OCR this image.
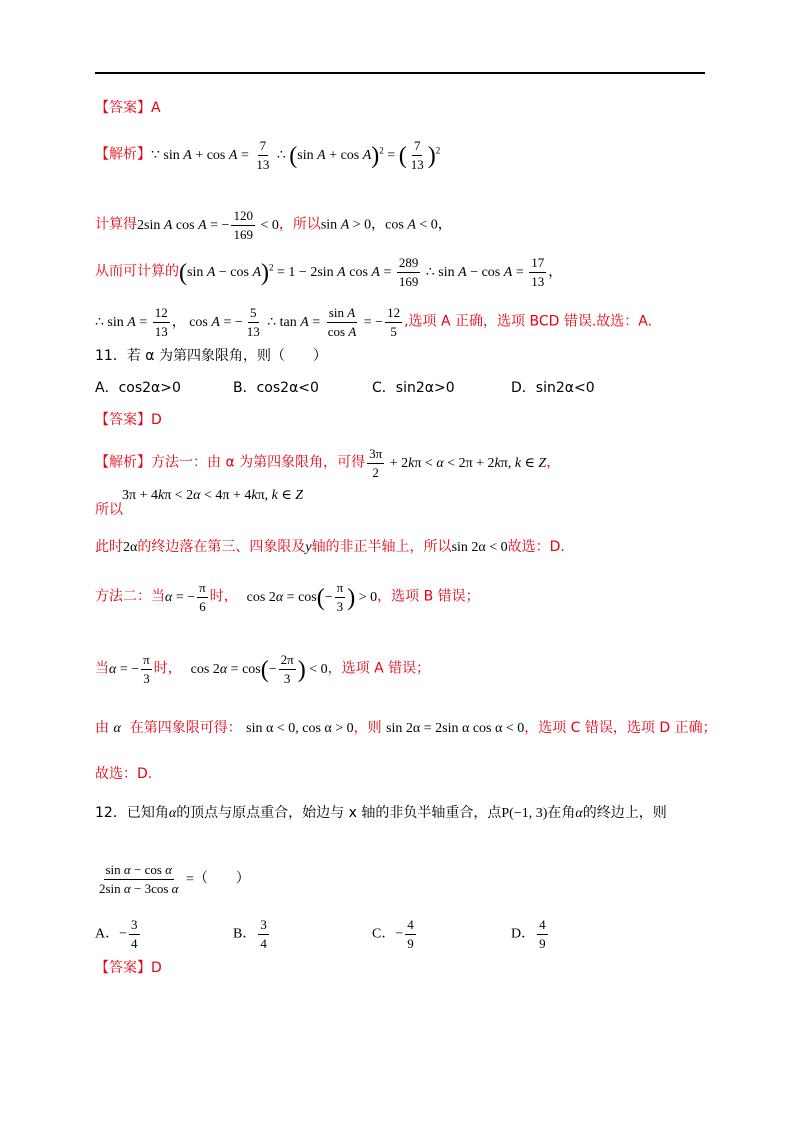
【答案】A
【解析】∵ $\sin A + \cos A = \frac{7}{13}$ ∴ (sin A + cos A)$^2$ = ( $\frac{7}{13} )^2$
计算得2sin A cos A = − $\frac{120}{169} < 0$，所以sin A > 0，cos A < 0，
从而可计算的(sin A − cos A)$^2$ = 1 − 2sin A $\cos A = \frac{289}{169}$ ∴ $\sin A - \cos A = \frac{17}{13}$ ，
∴ $\sin A = \frac{12}{13}$ ， cos A = − $\frac{5}{13}$ ∴ $\tan A = \frac{\text{sin A}}{\text{cos A}}$ = − $\frac{12}{5}$ ,选项 A 正确，选项 BCD 错误.故选：A.
11．若 α 为第四象限角，则（　　）
A．cos2α>0	B．cos2α<0	C．sin2α>0	D．sin2α<0
【答案】D
【解析】方法一：由 α 为第四象限角，可得 $\frac{3\pi}{2} + 2k\pi < \alpha < 2\pi + 2k\pi$, k ∈ Z，
3π + 4kπ < 2α < 4π + 4kπ, k ∈ Z
所以
此时2α的终边落在第三、四象限及y轴的非正半轴上，所以sin 2α < 0故选：D.
方法二：当α = − $\frac{\pi}{6}$ 时， $\cos 2\alpha = \cos(- \frac{\pi}{3}$ ) > 0，选项 B 错误；
当α = − $\frac{\pi}{3}$ 时， $\cos 2\alpha = \cos(- \frac{2\pi}{3}$ ) < 0，选项 A 错误；
由 α 在第四象限可得： sin α < 0, cos α > 0，则 sin 2α = 2sin α cos α < 0，选项 C 错误，选项 D 正确；
故选：D.
12．已知角α的顶点与原点重合，始边与 x 轴的非负半轴重合，点P(−1, 3)在角α的终边上，则
$\frac{\text{sin α − cos α}}{\text{2sin α − 3cos α}}$ =（　　）
A．− $\frac{3}{4}$	B． $\frac{3}{4}$	C．− $\frac{4}{9}$	D． $\frac{4}{9}$
【答案】D
